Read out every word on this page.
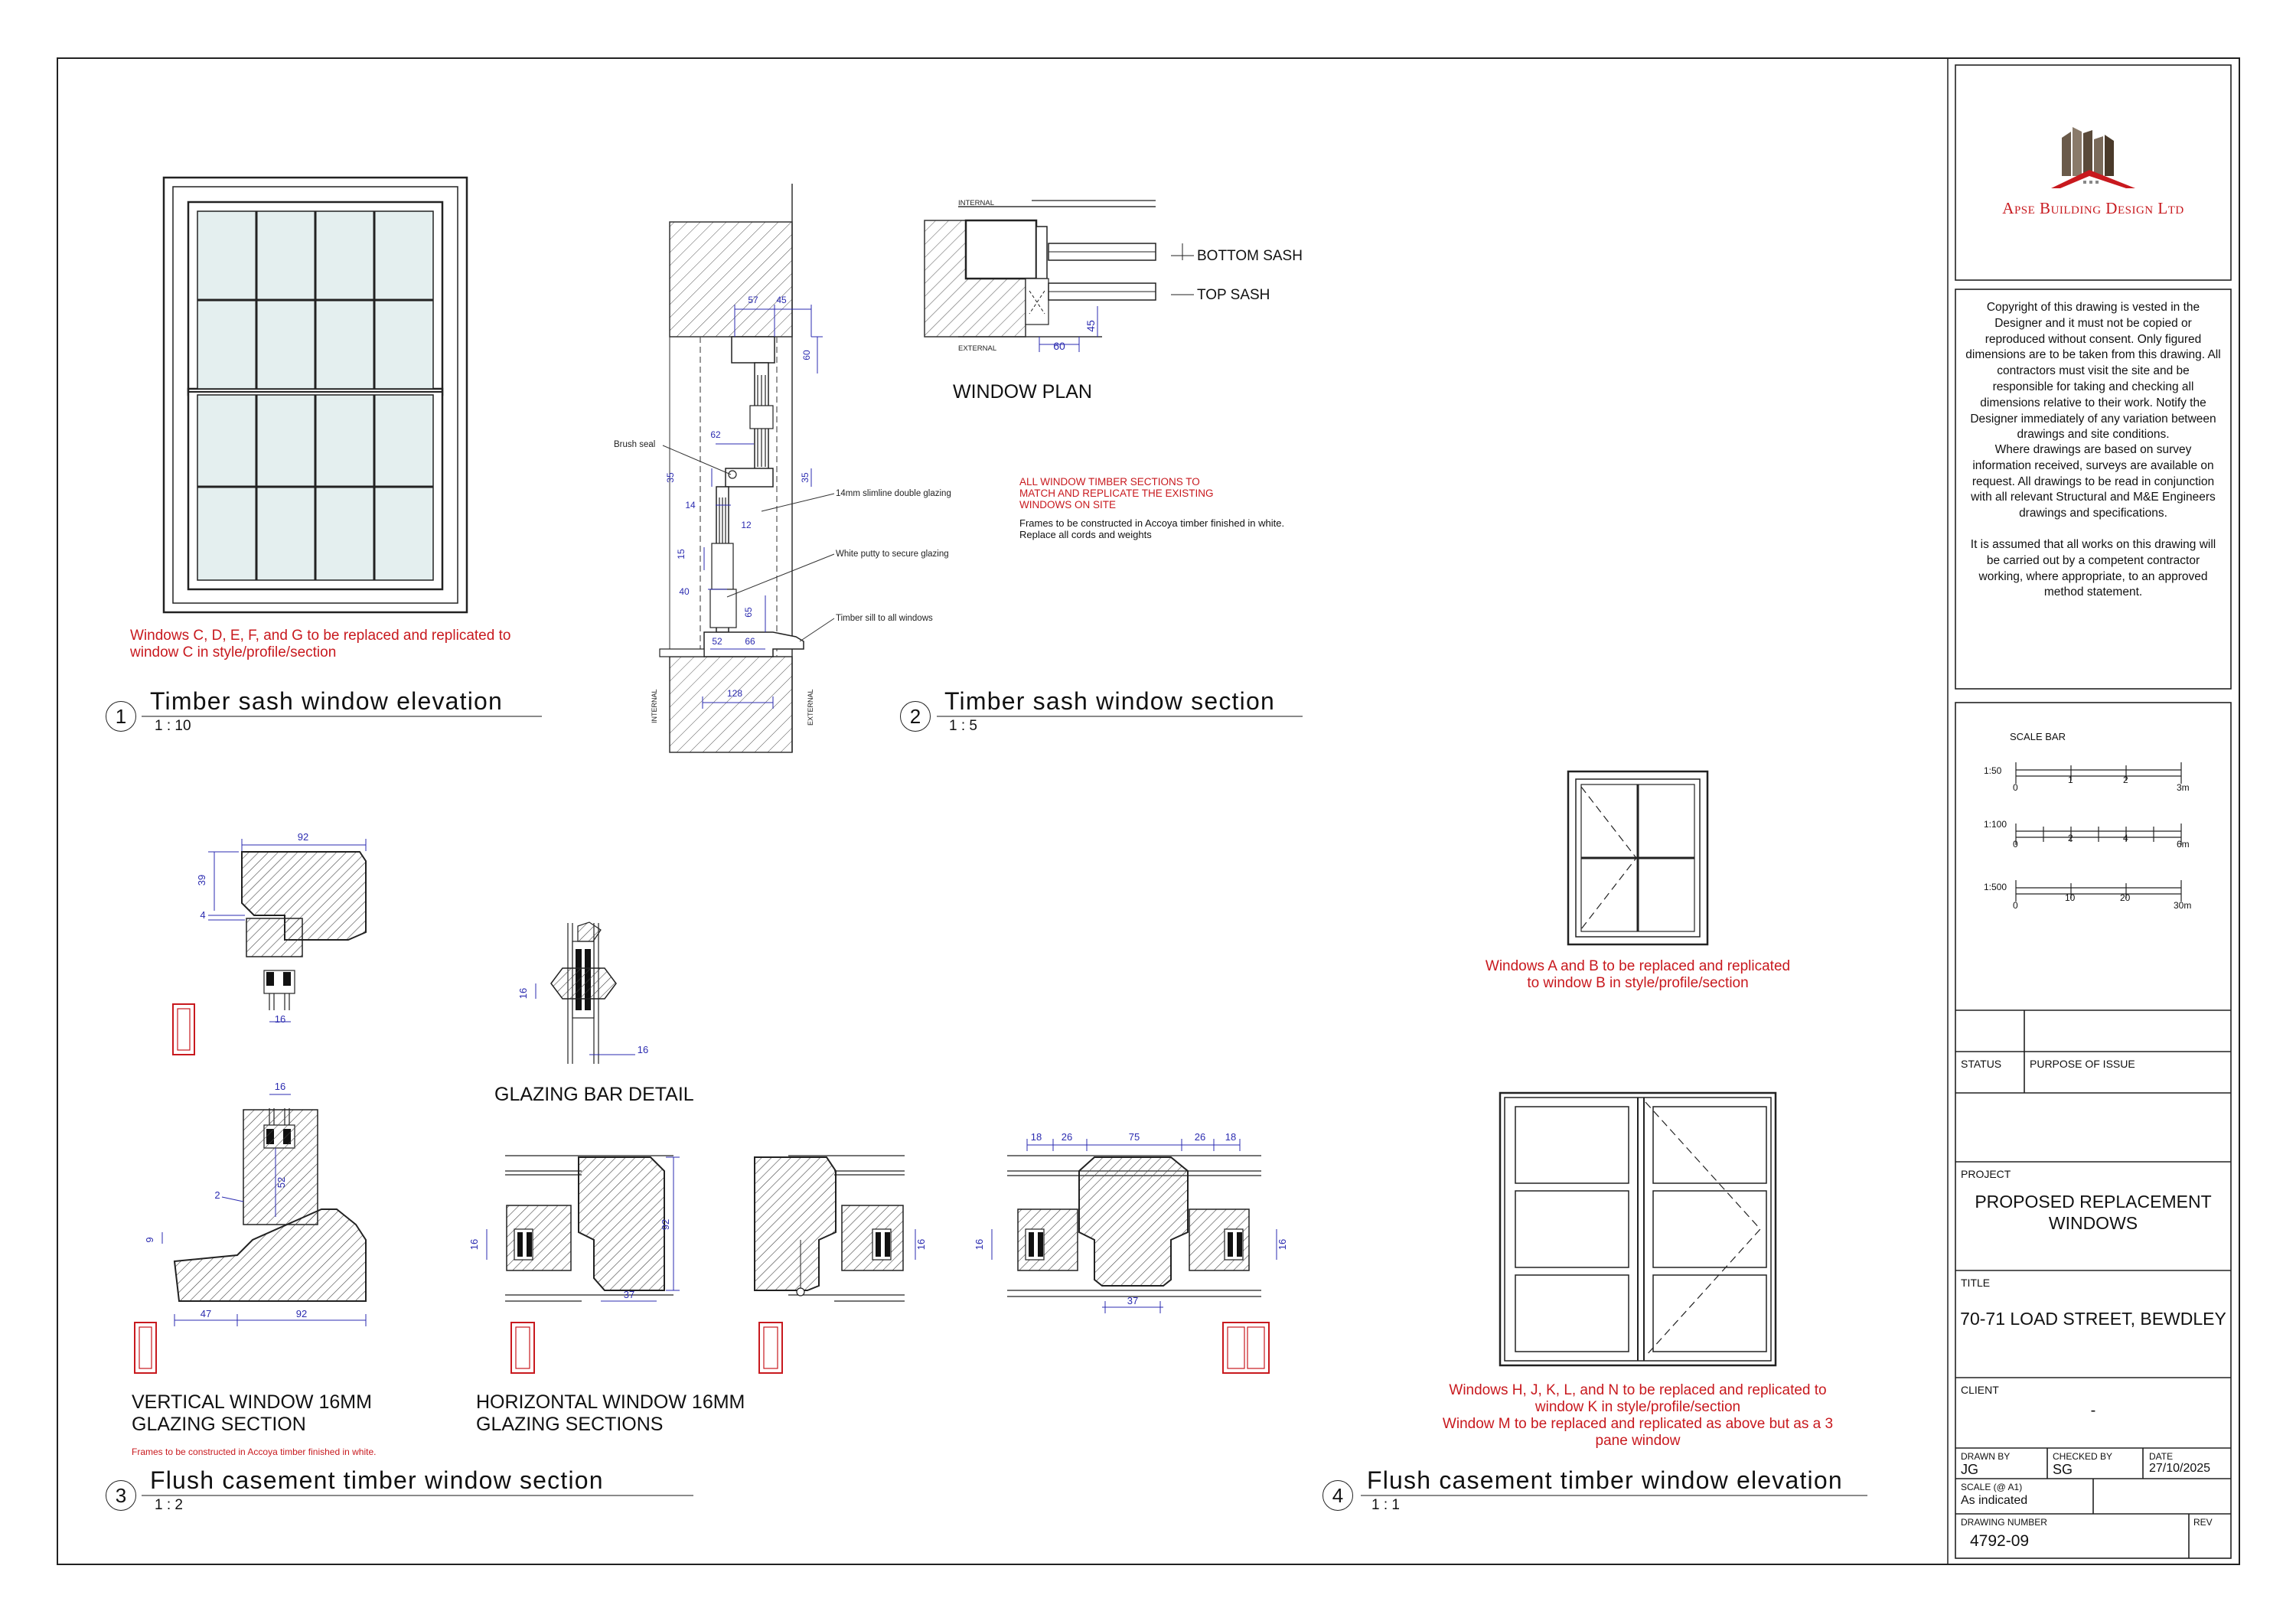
57 45
60
62
35	35
14
12
15
40
65
52 66
128
Brush seal
14mm slimline double glazing
White putty to secure glazing
Timber sill to all windows
INTERNAL	EXTERNAL
60
45
INTERNAL
EXTERNAL
BOTTOM SASH
TOP SASH
92
39
4
16
16
52
2
9
47	92
16
16
16
92
37
16
18 26	75	26 18
16	16
37
1
Timber sash window elevation
1 : 10	2
Timber sash window section
1 : 5
3
Flush casement timber window section
1 : 2	4
Flush casement timber window elevation
1 : 1
Windows C, D, E, F, and G to be replaced and replicated to window C in style/profile/section
ALL WINDOW TIMBER SECTIONS TO MATCH AND REPLICATE THE EXISTING WINDOWS ON SITE
Frames to be constructed in Accoya timber finished in white. Replace all cords and weights
WINDOW PLAN
GLAZING BAR DETAIL
VERTICAL WINDOW 16MM GLAZING SECTION
HORIZONTAL WINDOW 16MM GLAZING SECTIONS
Frames to be constructed in Accoya timber finished in white.
Windows A and B to be replaced and replicated to window B in style/profile/section
Windows H, J, K, L, and N to be replaced and replicated to window K in style/profile/section
Window M to be replaced and replicated as above but as a 3 pane window
Apse Building Design Ltd
Copyright of this drawing is vested in the Designer and it must not be copied or reproduced without consent. Only figured dimensions are to be taken from this drawing. All contractors must visit the site and be responsible for taking and checking all dimensions relative to their work. Notify the Designer immediately of any variation between drawings and site conditions.
Where drawings are based on survey information received, surveys are available on request. All drawings to be read in conjunction with all relevant Structural and M&E Engineers drawings and specifications.
It is assumed that all works on this drawing will be carried out by a competent contractor working, where appropriate, to an approved method statement.
SCALE BAR
1:50
0
1	2
3m
1:100
0
2	4
6m
1:500
0
10	20
30m
STATUS	PURPOSE OF ISSUE
PROJECT
PROPOSED REPLACEMENT WINDOWS
TITLE
70-71 LOAD STREET, BEWDLEY
CLIENT
-
DRAWN BY
JG
CHECKED BY
SG
DATE
27/10/2025
SCALE (@ A1)
As indicated
DRAWING NUMBER
4792-09
REV
